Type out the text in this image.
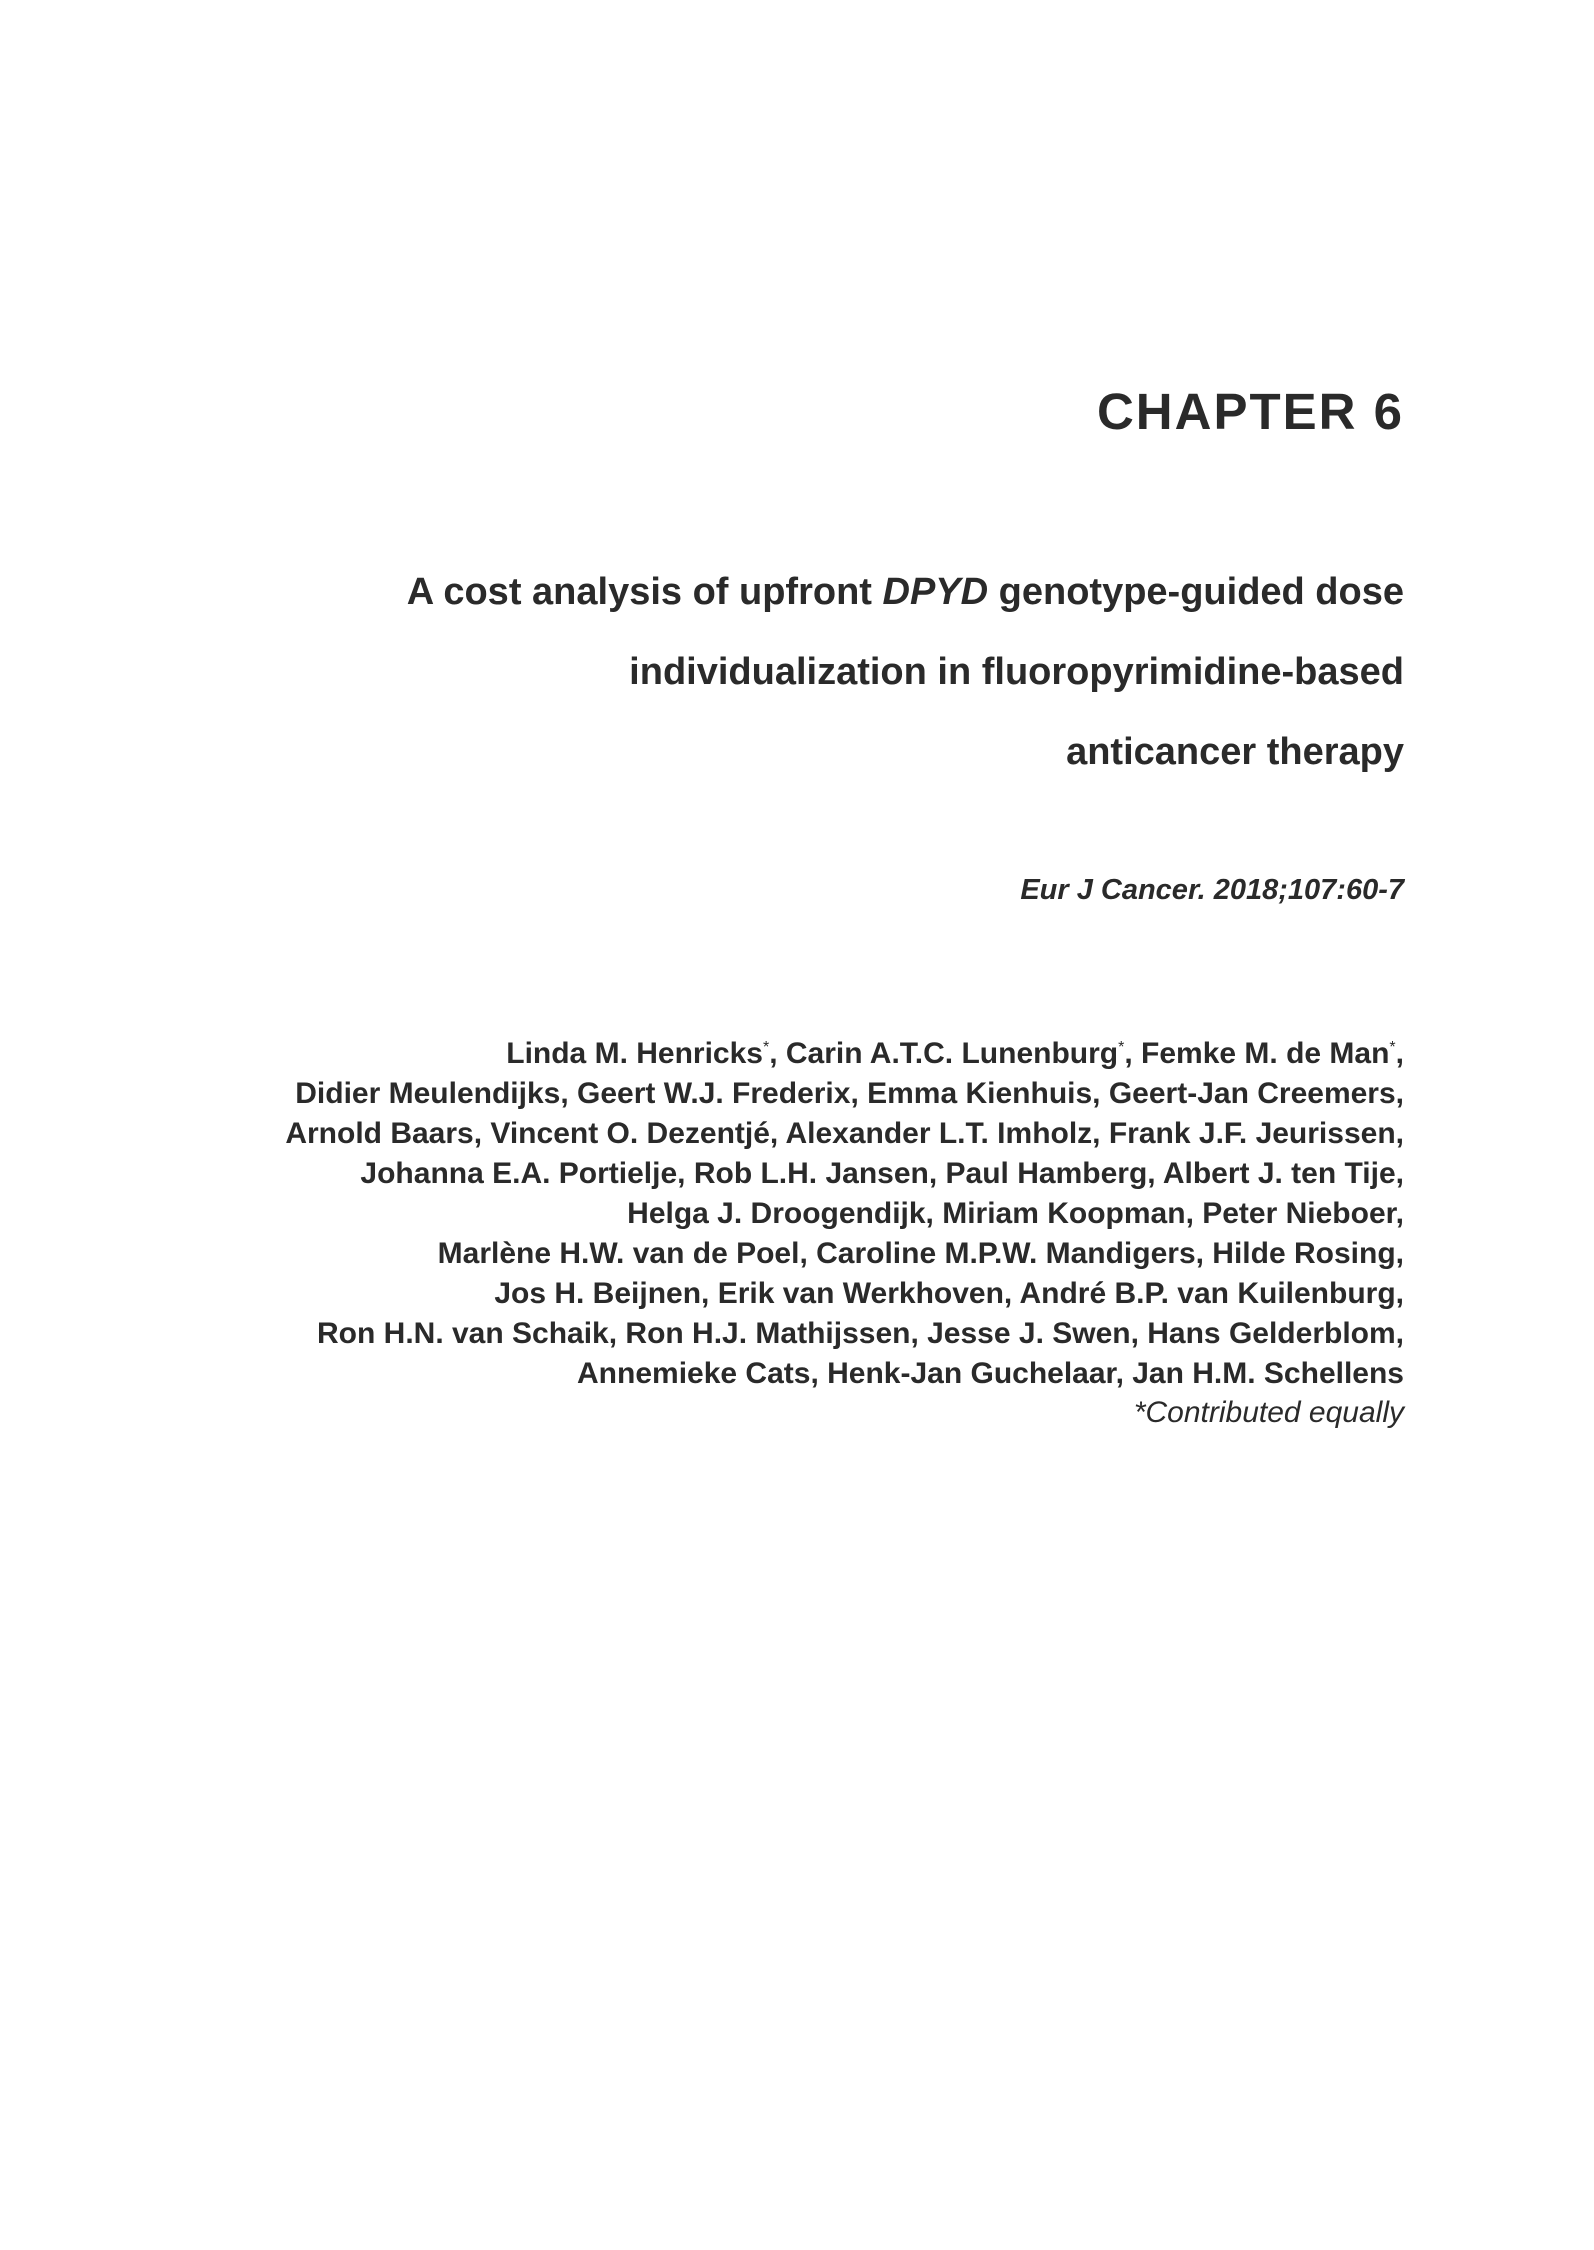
CHAPTER 6
A cost analysis of upfront DPYD genotype-guided dose
individualization in fluoropyrimidine-based
anticancer therapy
Eur J Cancer. 2018;107:60-7
Linda M. Henricks*, Carin A.T.C. Lunenburg*, Femke M. de Man*,
Didier Meulendijks, Geert W.J. Frederix, Emma Kienhuis, Geert-Jan Creemers,
Arnold Baars, Vincent O. Dezentjé, Alexander L.T. Imholz, Frank J.F. Jeurissen,
Johanna E.A. Portielje, Rob L.H. Jansen, Paul Hamberg, Albert J. ten Tije,
Helga J. Droogendijk, Miriam Koopman, Peter Nieboer,
Marlène H.W. van de Poel, Caroline M.P.W. Mandigers, Hilde Rosing,
Jos H. Beijnen, Erik van Werkhoven, André B.P. van Kuilenburg,
Ron H.N. van Schaik, Ron H.J. Mathijssen, Jesse J. Swen, Hans Gelderblom,
Annemieke Cats, Henk-Jan Guchelaar, Jan H.M. Schellens
*Contributed equally
